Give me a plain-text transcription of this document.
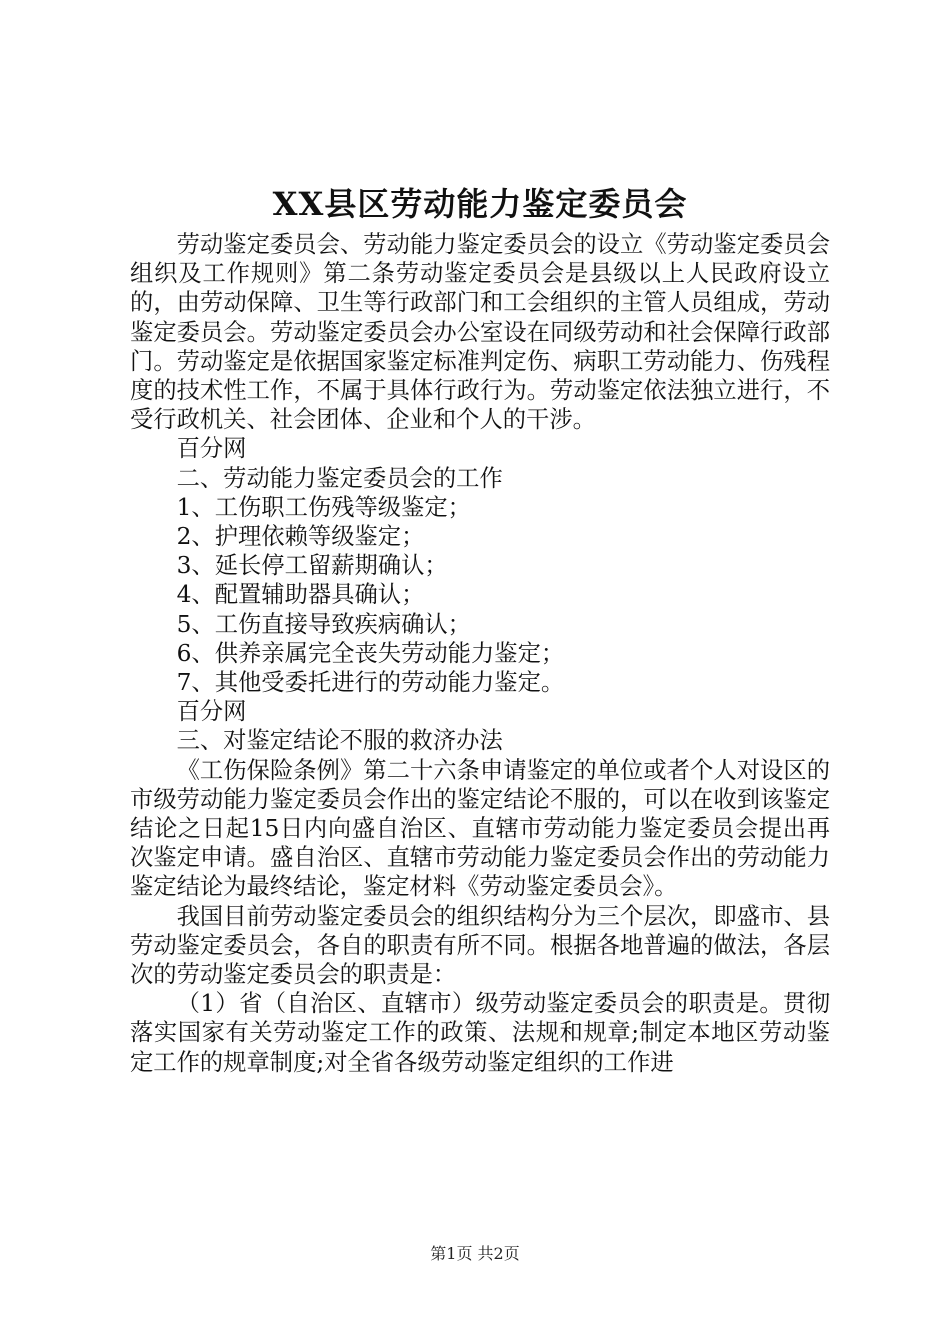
XX县区劳动能力鉴定委员会

劳动鉴定委员会、劳动能力鉴定委员会的设立《劳动鉴定委员会组织及工作规则》第二条劳动鉴定委员会是县级以上人民政府设立的，由劳动保障、卫生等行政部门和工会组织的主管人员组成，劳动鉴定委员会。劳动鉴定委员会办公室设在同级劳动和社会保障行政部门。劳动鉴定是依据国家鉴定标准判定伤、病职工劳动能力、伤残程度的技术性工作，不属于具体行政行为。劳动鉴定依法独立进行，不受行政机关、社会团体、企业和个人的干涉。

百分网

二、劳动能力鉴定委员会的工作

1、工伤职工伤残等级鉴定；

2、护理依赖等级鉴定；

3、延长停工留薪期确认；

4、配置辅助器具确认；

5、工伤直接导致疾病确认；

6、供养亲属完全丧失劳动能力鉴定；

7、其他受委托进行的劳动能力鉴定。

百分网

三、对鉴定结论不服的救济办法

《工伤保险条例》第二十六条申请鉴定的单位或者个人对设区的市级劳动能力鉴定委员会作出的鉴定结论不服的，可以在收到该鉴定结论之日起15日内向盛自治区、直辖市劳动能力鉴定委员会提出再次鉴定申请。盛自治区、直辖市劳动能力鉴定委员会作出的劳动能力鉴定结论为最终结论，鉴定材料《劳动鉴定委员会》。

我国目前劳动鉴定委员会的组织结构分为三个层次，即盛市、县劳动鉴定委员会，各自的职责有所不同。根据各地普遍的做法，各层次的劳动鉴定委员会的职责是：

（1）省（自治区、直辖市）级劳动鉴定委员会的职责是。贯彻落实国家有关劳动鉴定工作的政策、法规和规章;制定本地区劳动鉴定工作的规章制度;对全省各级劳动鉴定组织的工作进

第1页 共2页
